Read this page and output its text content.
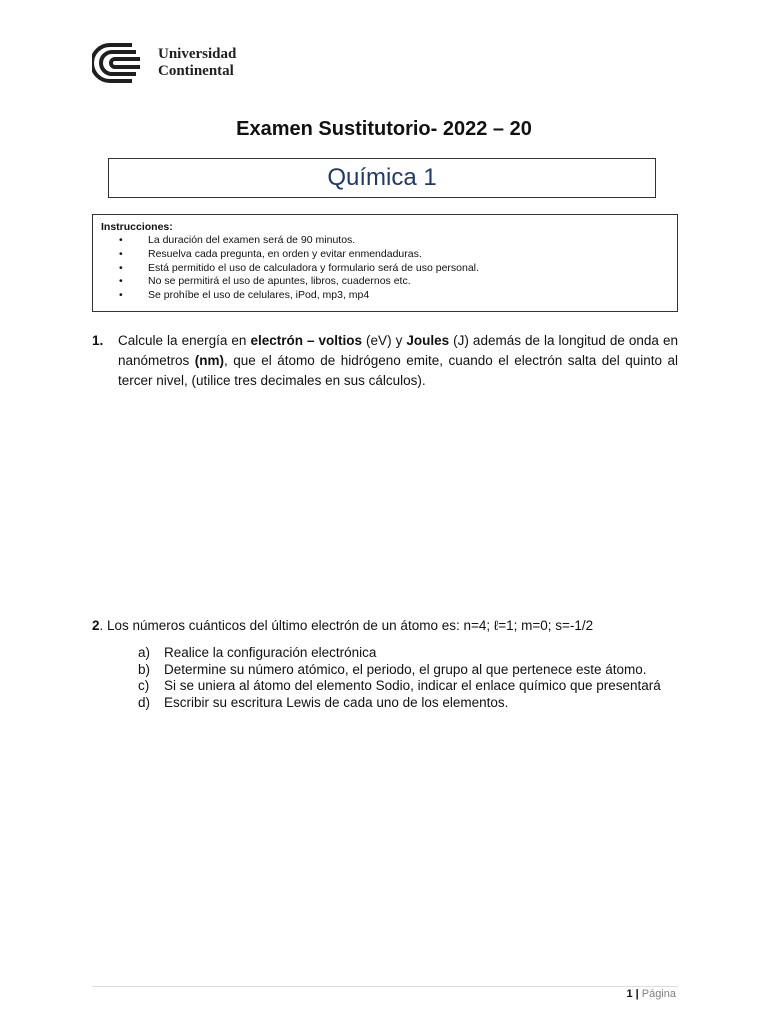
Universidad
Continental
Examen Sustitutorio- 2022 – 20
Química 1
Instrucciones:
• La duración del examen será de 90 minutos.
• Resuelva cada pregunta, en orden y evitar enmendaduras.
• Está permitido el uso de calculadora y formulario será de uso personal.
• No se permitirá el uso de apuntes, libros, cuadernos etc.
• Se prohíbe el uso de celulares, iPod, mp3, mp4
1. Calcule la energía en electrón – voltios (eV) y Joules (J) además de la longitud de onda en nanómetros (nm), que el átomo de hidrógeno emite, cuando el electrón salta del quinto al tercer nivel, (utilice tres decimales en sus cálculos).
2. Los números cuánticos del último electrón de un átomo es: n=4; ℓ=1; m=0; s=-1/2
a) Realice la configuración electrónica
b) Determine su número atómico, el periodo, el grupo al que pertenece este átomo.
c) Si se uniera al átomo del elemento Sodio, indicar el enlace químico que presentará
d) Escribir su escritura Lewis de cada uno de los elementos.
1 | Página
